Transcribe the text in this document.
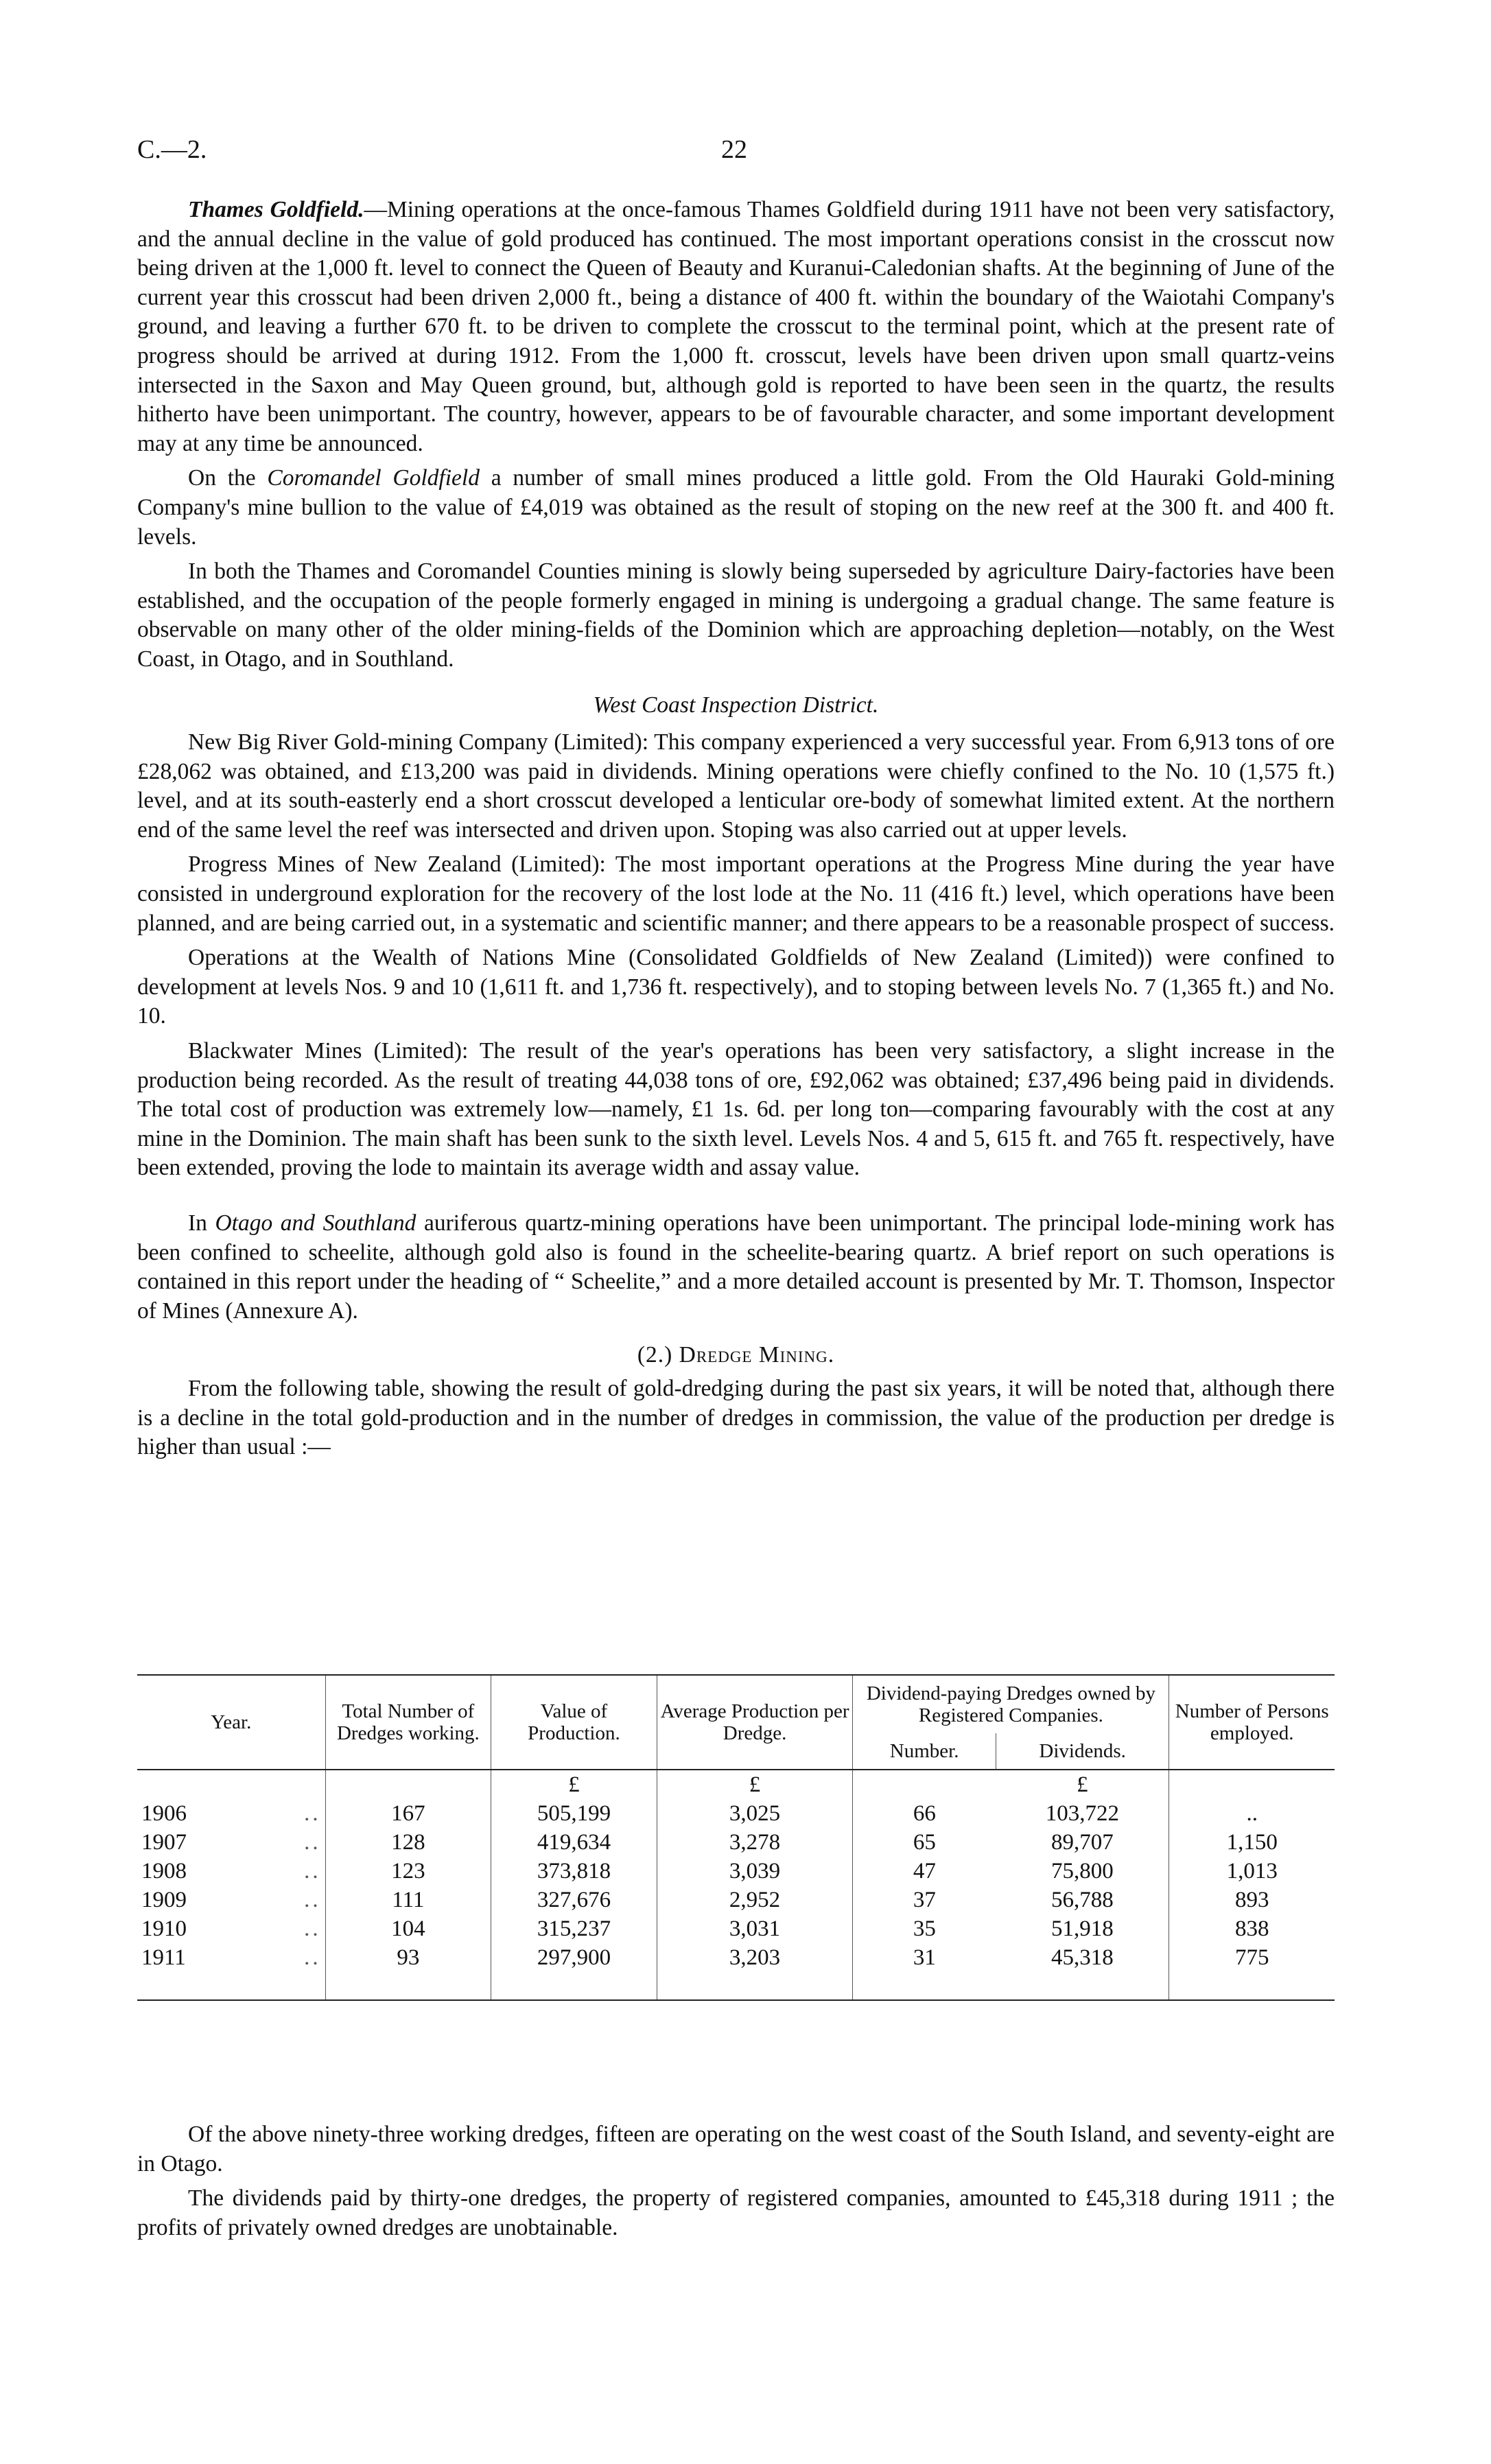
C.—2.	22

Thames Goldfield.—Mining operations at the once-famous Thames Goldfield during 1911 have not been very satisfactory, and the annual decline in the value of gold produced has continued. The most important operations consist in the crosscut now being driven at the 1,000 ft. level to connect the Queen of Beauty and Kuranui-Caledonian shafts. At the beginning of June of the current year this crosscut had been driven 2,000 ft., being a distance of 400 ft. within the boundary of the Waiotahi Company's ground, and leaving a further 670 ft. to be driven to complete the crosscut to the terminal point, which at the present rate of progress should be arrived at during 1912. From the 1,000 ft. crosscut, levels have been driven upon small quartz-veins intersected in the Saxon and May Queen ground, but, although gold is reported to have been seen in the quartz, the results hitherto have been unimportant. The country, however, appears to be of favourable character, and some important development may at any time be announced.

On the Coromandel Goldfield a number of small mines produced a little gold. From the Old Hauraki Gold-mining Company's mine bullion to the value of £4,019 was obtained as the result of stoping on the new reef at the 300 ft. and 400 ft. levels.

In both the Thames and Coromandel Counties mining is slowly being superseded by agriculture Dairy-factories have been established, and the occupation of the people formerly engaged in mining is undergoing a gradual change. The same feature is observable on many other of the older mining-fields of the Dominion which are approaching depletion—notably, on the West Coast, in Otago, and in Southland.

West Coast Inspection District.

New Big River Gold-mining Company (Limited): This company experienced a very successful year. From 6,913 tons of ore £28,062 was obtained, and £13,200 was paid in dividends. Mining operations were chiefly confined to the No. 10 (1,575 ft.) level, and at its south-easterly end a short crosscut developed a lenticular ore-body of somewhat limited extent. At the northern end of the same level the reef was intersected and driven upon. Stoping was also carried out at upper levels.

Progress Mines of New Zealand (Limited): The most important operations at the Progress Mine during the year have consisted in underground exploration for the recovery of the lost lode at the No. 11 (416 ft.) level, which operations have been planned, and are being carried out, in a systematic and scientific manner; and there appears to be a reasonable prospect of success.

Operations at the Wealth of Nations Mine (Consolidated Goldfields of New Zealand (Limited)) were confined to development at levels Nos. 9 and 10 (1,611 ft. and 1,736 ft. respectively), and to stoping between levels No. 7 (1,365 ft.) and No. 10.

Blackwater Mines (Limited): The result of the year's operations has been very satisfactory, a slight increase in the production being recorded. As the result of treating 44,038 tons of ore, £92,062 was obtained; £37,496 being paid in dividends. The total cost of production was extremely low—namely, £1 1s. 6d. per long ton—comparing favourably with the cost at any mine in the Dominion. The main shaft has been sunk to the sixth level. Levels Nos. 4 and 5, 615 ft. and 765 ft. respectively, have been extended, proving the lode to maintain its average width and assay value.

In Otago and Southland auriferous quartz-mining operations have been unimportant. The principal lode-mining work has been confined to scheelite, although gold also is found in the scheelite-bearing quartz. A brief report on such operations is contained in this report under the heading of “ Scheelite,” and a more detailed account is presented by Mr. T. Thomson, Inspector of Mines (Annexure A).

(2.) Dredge Mining.

From the following table, showing the result of gold-dredging during the past six years, it will be noted that, although there is a decline in the total gold-production and in the number of dredges in commission, the value of the production per dredge is higher than usual :—

Year.	Total Number of Dredges working.	Value of Production.	Average Production per Dredge.	Dividend-paying Dredges owned by Registered Companies.		Number of Persons employed.
				Number.	Dividends.	
		£	£		£	
1906 ..	167	505,199	3,025	66	103,722	..
1907 ..	128	419,634	3,278	65	89,707	1,150
1908 ..	123	373,818	3,039	47	75,800	1,013
1909 ..	111	327,676	2,952	37	56,788	893
1910 ..	104	315,237	3,031	35	51,918	838
1911 ..	93	297,900	3,203	31	45,318	775

Of the above ninety-three working dredges, fifteen are operating on the west coast of the South Island, and seventy-eight are in Otago.

The dividends paid by thirty-one dredges, the property of registered companies, amounted to £45,318 during 1911 ; the profits of privately owned dredges are unobtainable.
